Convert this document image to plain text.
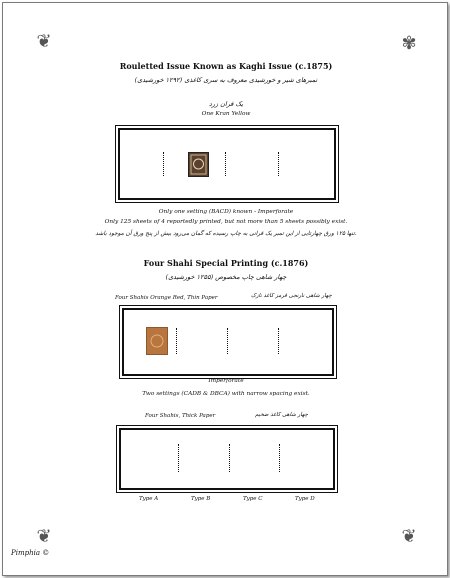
❦	✾
❦	❦
Rouletted Issue Known as Kaghi Issue (c.1875)
تمبرهای شیر و خورشیدی معروف به سری کاغذی (۱۲۹۲ خورشیدی)
یک قران زرد
One Kran Yellow
Only one setting (BACD) known - Imperforate
Only 125 sheets of 4 reportedly printed, but not more than 5 sheets possibly exist.
تنها ۱۲۵ ورق چهارتایی از این تمبر یک قرانی به چاپ رسیده که گمان می‌رود بیش از پنج ورق آن موجود باشد.
Four Shahi Special Printing (c.1876)
چهار شاهی چاپ مخصوص (۱۲۵۵ خورشیدی)
Four Shahis Orange Red, Thin Paper	چهار شاهی نارنجی قرمز کاغذ نازک
Imperforate
Two settings (CADB & DBCA) with narrow spacing exist.
Four Shahis, Thick Paper	چهار شاهی کاغذ ضخیم
Type A	Type B	Type C	Type D
Pimphia ©
